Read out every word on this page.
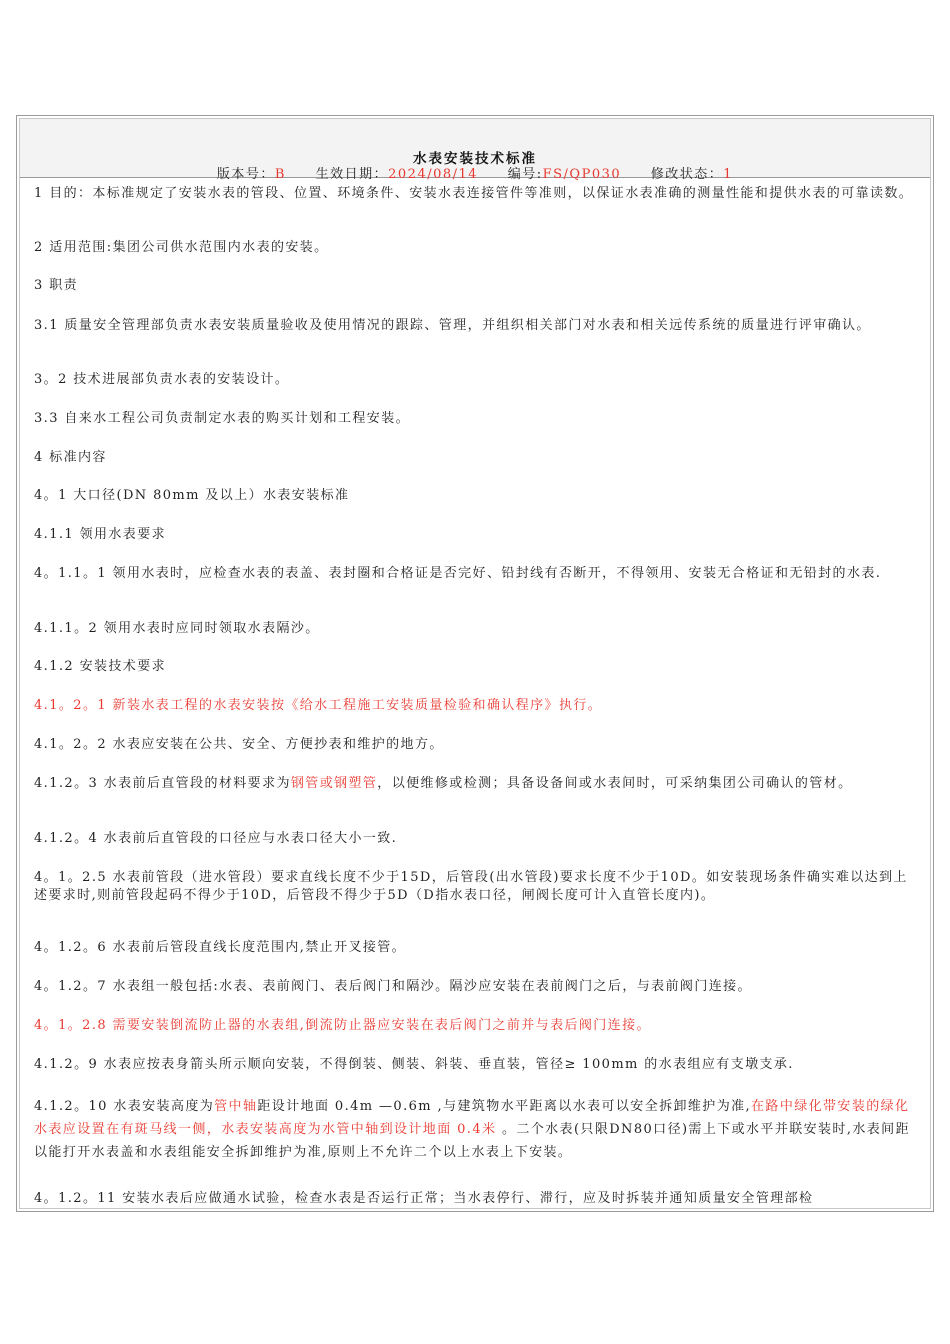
水表安装技术标准
版本号：B 生效日期：2024/08/14 编号:FS/QP030 修改状态：1

1 目的：本标准规定了安装水表的管段、位置、环境条件、安装水表连接管件等准则，以保证水表准确的测量性能和提供水表的可靠读数。

2 适用范围:集团公司供水范围内水表的安装。

3 职责

3.1 质量安全管理部负责水表安装质量验收及使用情况的跟踪、管理，并组织相关部门对水表和相关远传系统的质量进行评审确认。

3。2 技术进展部负责水表的安装设计。

3.3 自来水工程公司负责制定水表的购买计划和工程安装。

4 标准内容

4。1 大口径(DN 80mm 及以上）水表安装标准

4.1.1 领用水表要求

4。1.1。1 领用水表时，应检查水表的表盖、表封圈和合格证是否完好、铅封线有否断开，不得领用、安装无合格证和无铅封的水表.

4.1.1。2 领用水表时应同时领取水表隔沙。

4.1.2 安装技术要求

4.1。2。1 新装水表工程的水表安装按《给水工程施工安装质量检验和确认程序》执行。

4.1。2。2 水表应安装在公共、安全、方便抄表和维护的地方。

4.1.2。3 水表前后直管段的材料要求为钢管或钢塑管，以便维修或检测；具备设备间或水表间时，可采纳集团公司确认的管材。

4.1.2。4 水表前后直管段的口径应与水表口径大小一致.

4。1。2.5 水表前管段（进水管段）要求直线长度不少于15D，后管段(出水管段)要求长度不少于10D。如安装现场条件确实难以达到上述要求时,则前管段起码不得少于10D，后管段不得少于5D（D指水表口径，闸阀长度可计入直管长度内)。

4。1.2。6 水表前后管段直线长度范围内,禁止开叉接管。

4。1.2。7 水表组一般包括:水表、表前阀门、表后阀门和隔沙。隔沙应安装在表前阀门之后，与表前阀门连接。

4。1。2.8 需要安装倒流防止器的水表组,倒流防止器应安装在表后阀门之前并与表后阀门连接。

4.1.2。9 水表应按表身箭头所示顺向安装，不得倒装、侧装、斜装、垂直装，管径≥ 100mm 的水表组应有支墩支承.

4.1.2。10 水表安装高度为管中轴距设计地面 0.4m —0.6m ,与建筑物水平距离以水表可以安全拆卸维护为准,在路中绿化带安装的绿化水表应设置在有斑马线一侧，水表安装高度为水管中轴到设计地面 0.4米 。二个水表(只限DN80口径)需上下或水平并联安装时,水表间距以能打开水表盖和水表组能安全拆卸维护为准,原则上不允许二个以上水表上下安装。

4。1.2。11 安装水表后应做通水试验，检查水表是否运行正常；当水表停行、滞行，应及时拆装并通知质量安全管理部检
